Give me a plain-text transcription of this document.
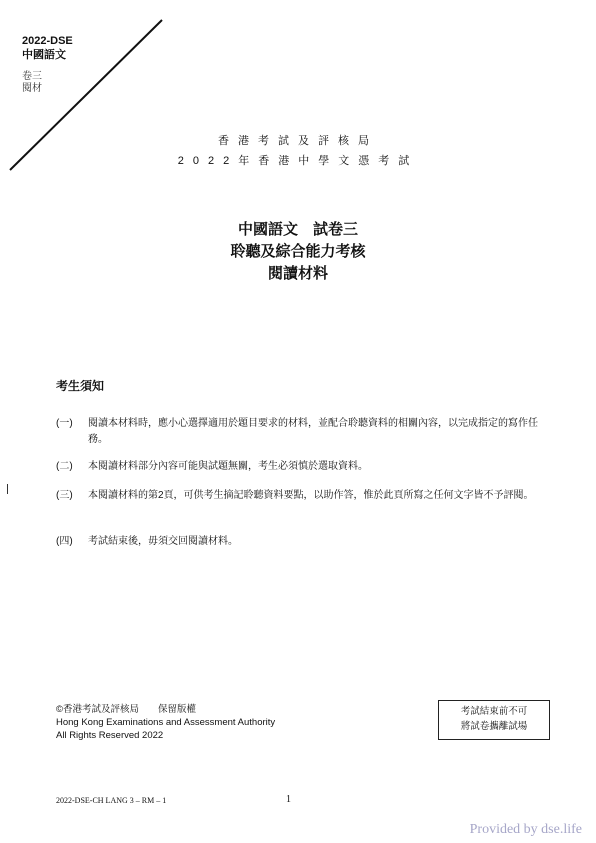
2022-DSE
中國語文
卷三
閱材
香港考試及評核局
2022年香港中學文憑考試
中國語文　試卷三
聆聽及綜合能力考核
閱讀材料
考生須知
(一)	閱讀本材料時，應小心選擇適用於題目要求的材料，並配合聆聽資料的相關內容，以完成指定的寫作任務。
(二)	本閱讀材料部分內容可能與試題無關，考生必須慎於選取資料。
(三)	本閱讀材料的第2頁，可供考生摘記聆聽資料要點，以助作答，惟於此頁所寫之任何文字皆不予評閱。
(四)	考試結束後，毋須交回閱讀材料。
©香港考試及評核局　　保留版權
Hong Kong Examinations and Assessment Authority
All Rights Reserved 2022
考試結束前不可
將試卷攜離試場
2022-DSE-CH LANG 3 – RM – 1	1
Provided by dse.life
